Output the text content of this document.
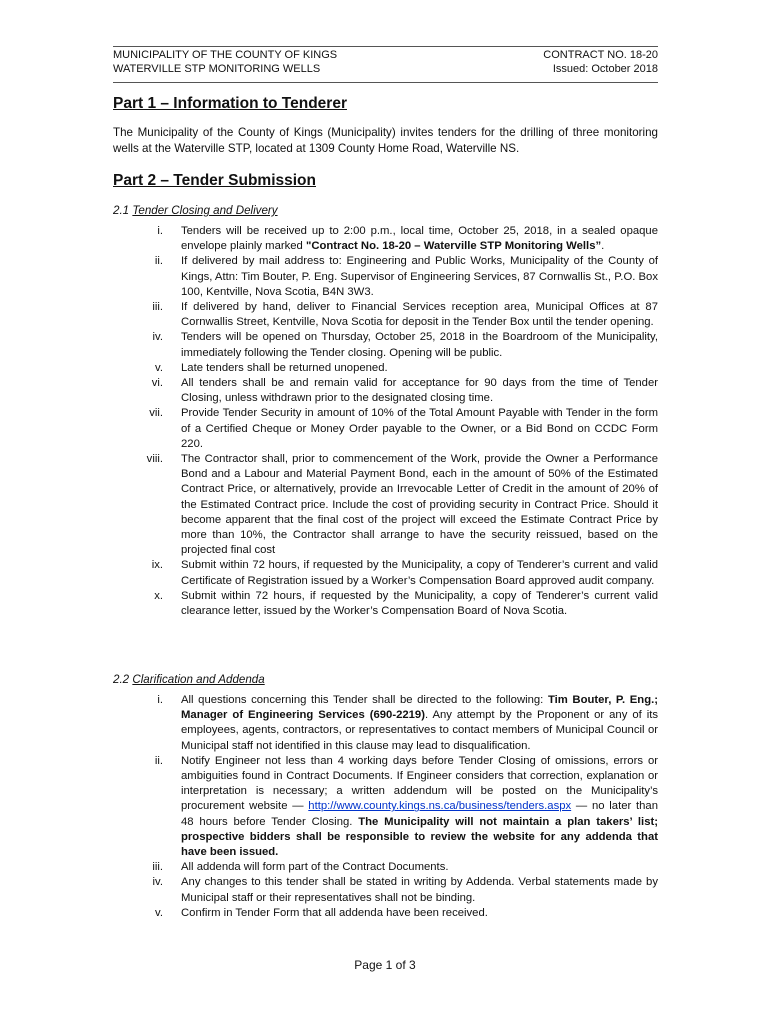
MUNICIPALITY OF THE COUNTY OF KINGS
WATERVILLE STP MONITORING WELLS
CONTRACT NO. 18-20
Issued: October 2018
Part 1 – Information to Tenderer

The Municipality of the County of Kings (Municipality) invites tenders for the drilling of three monitoring wells at the Waterville STP, located at 1309 County Home Road, Waterville NS.

Part 2 – Tender Submission
2.1 Tender Closing and Delivery
i.	Tenders will be received up to 2:00 p.m., local time, October 25, 2018, in a sealed opaque envelope plainly marked "Contract No. 18-20 – Waterville STP Monitoring Wells”.
ii.	If delivered by mail address to: Engineering and Public Works, Municipality of the County of Kings, Attn: Tim Bouter, P. Eng. Supervisor of Engineering Services, 87 Cornwallis St., P.O. Box 100, Kentville, Nova Scotia, B4N 3W3.
iii.	If delivered by hand, deliver to Financial Services reception area, Municipal Offices at 87 Cornwallis Street, Kentville, Nova Scotia for deposit in the Tender Box until the tender opening.
iv.	Tenders will be opened on Thursday, October 25, 2018 in the Boardroom of the Municipality, immediately following the Tender closing. Opening will be public.
v.	Late tenders shall be returned unopened.
vi.	All tenders shall be and remain valid for acceptance for 90 days from the time of Tender Closing, unless withdrawn prior to the designated closing time.
vii.	Provide Tender Security in amount of 10% of the Total Amount Payable with Tender in the form of a Certified Cheque or Money Order payable to the Owner, or a Bid Bond on CCDC Form 220.
viii.	The Contractor shall, prior to commencement of the Work, provide the Owner a Performance Bond and a Labour and Material Payment Bond, each in the amount of 50% of the Estimated Contract Price, or alternatively, provide an Irrevocable Letter of Credit in the amount of 20% of the Estimated Contract price. Include the cost of providing security in Contract Price. Should it become apparent that the final cost of the project will exceed the Estimate Contract Price by more than 10%, the Contractor shall arrange to have the security reissued, based on the projected final cost
ix.	Submit within 72 hours, if requested by the Municipality, a copy of Tenderer’s current and valid Certificate of Registration issued by a Worker’s Compensation Board approved audit company.
x.	Submit within 72 hours, if requested by the Municipality, a copy of Tenderer’s current valid clearance letter, issued by the Worker’s Compensation Board of Nova Scotia.
2.2 Clarification and Addenda
i.	All questions concerning this Tender shall be directed to the following: Tim Bouter, P. Eng.; Manager of Engineering Services (690-2219). Any attempt by the Proponent or any of its employees, agents, contractors, or representatives to contact members of Municipal Council or Municipal staff not identified in this clause may lead to disqualification.
ii.	Notify Engineer not less than 4 working days before Tender Closing of omissions, errors or ambiguities found in Contract Documents. If Engineer considers that correction, explanation or interpretation is necessary; a written addendum will be posted on the Municipality’s procurement website — http://www.county.kings.ns.ca/business/tenders.aspx — no later than 48 hours before Tender Closing. The Municipality will not maintain a plan takers’ list; prospective bidders shall be responsible to review the website for any addenda that have been issued.
iii.	All addenda will form part of the Contract Documents.
iv.	Any changes to this tender shall be stated in writing by Addenda. Verbal statements made by Municipal staff or their representatives shall not be binding.
v.	Confirm in Tender Form that all addenda have been received.
Page 1 of 3
